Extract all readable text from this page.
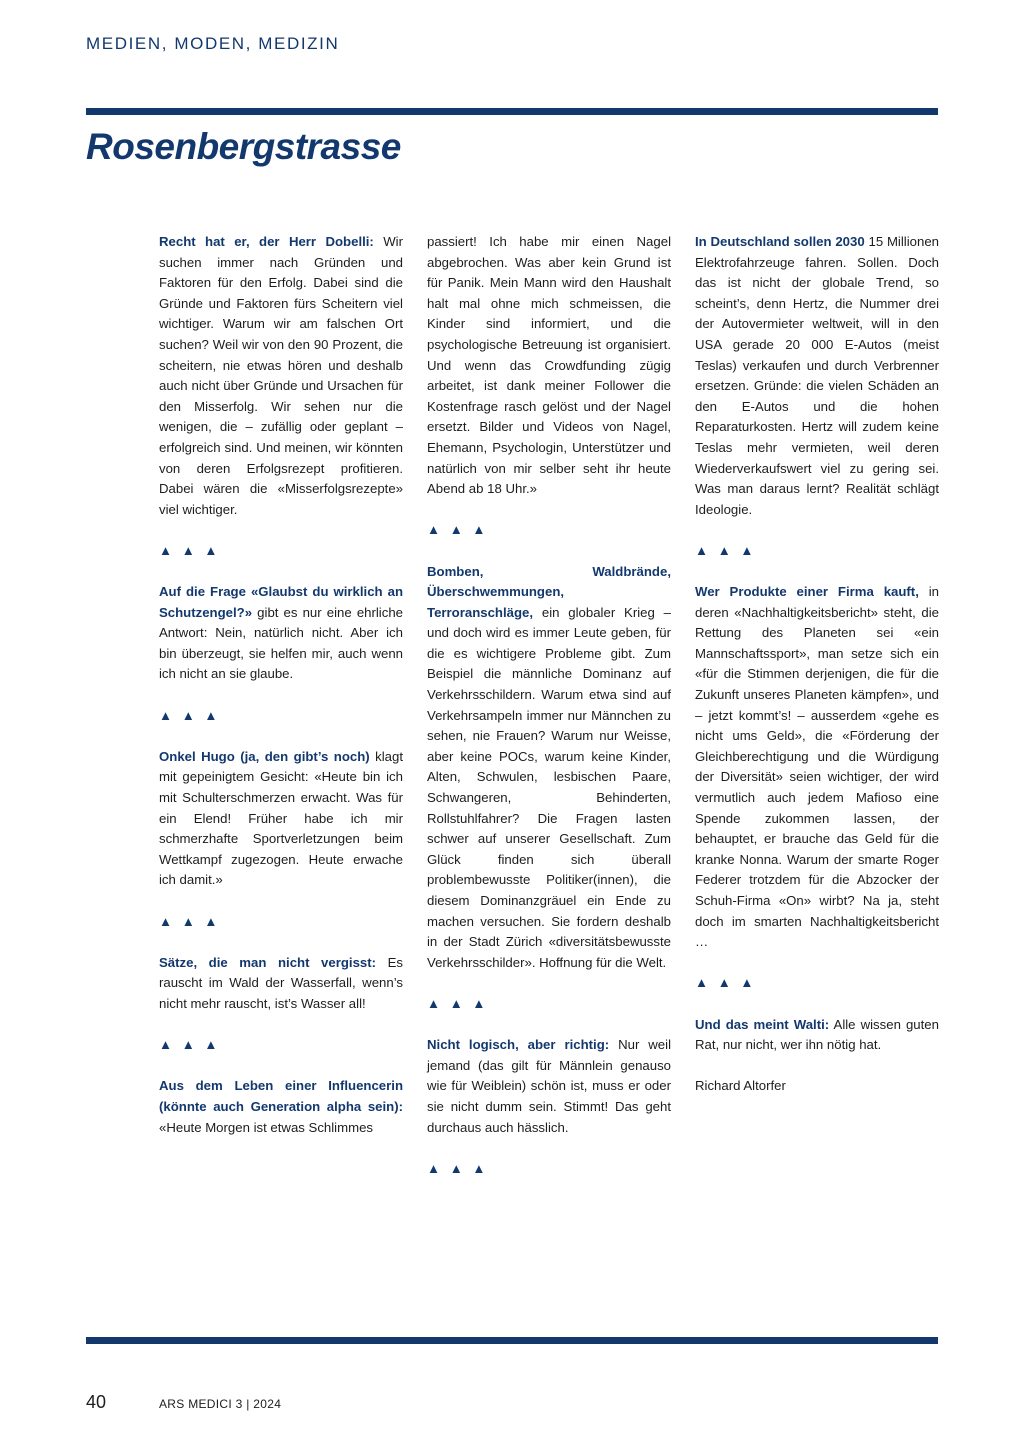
MEDIEN, MODEN, MEDIZIN
Rosenbergstrasse

Recht hat er, der Herr Dobelli: Wir suchen immer nach Gründen und Faktoren für den Erfolg. Dabei sind die Gründe und Faktoren fürs Scheitern viel wichtiger. Warum wir am falschen Ort suchen? Weil wir von den 90 Prozent, die scheitern, nie etwas hören und deshalb auch nicht über Gründe und Ursachen für den Misserfolg. Wir sehen nur die wenigen, die – zufällig oder geplant – erfolgreich sind. Und meinen, wir könnten von deren Erfolgsrezept profitieren. Dabei wären die «Misserfolgsrezepte» viel wichtiger.

▲ ▲ ▲

Auf die Frage «Glaubst du wirklich an Schutzengel?» gibt es nur eine ehrliche Antwort: Nein, natürlich nicht. Aber ich bin überzeugt, sie helfen mir, auch wenn ich nicht an sie glaube.

▲ ▲ ▲

Onkel Hugo (ja, den gibt’s noch) klagt mit gepeinigtem Gesicht: «Heute bin ich mit Schulterschmerzen erwacht. Was für ein Elend! Früher habe ich mir schmerzhafte Sportverletzungen beim Wettkampf zugezogen. Heute erwache ich damit.»

▲ ▲ ▲

Sätze, die man nicht vergisst: Es rauscht im Wald der Wasserfall, wenn’s nicht mehr rauscht, ist’s Wasser all!

▲ ▲ ▲

Aus dem Leben einer Influencerin (könnte auch Generation alpha sein): «Heute Morgen ist etwas Schlimmes

passiert! Ich habe mir einen Nagel abgebrochen. Was aber kein Grund ist für Panik. Mein Mann wird den Haushalt halt mal ohne mich schmeissen, die Kinder sind informiert, und die psychologische Betreuung ist organisiert. Und wenn das Crowdfunding zügig arbeitet, ist dank meiner Follower die Kostenfrage rasch gelöst und der Nagel ersetzt. Bilder und Videos von Nagel, Ehemann, Psychologin, Unterstützer und natürlich von mir selber seht ihr heute Abend ab 18 Uhr.»

▲ ▲ ▲

Bomben, Waldbrände, Überschwemmungen, Terroranschläge, ein globaler Krieg – und doch wird es immer Leute geben, für die es wichtigere Probleme gibt. Zum Beispiel die männliche Dominanz auf Verkehrsschildern. Warum etwa sind auf Verkehrsampeln immer nur Männchen zu sehen, nie Frauen? Warum nur Weisse, aber keine POCs, warum keine Kinder, Alten, Schwulen, lesbischen Paare, Schwangeren, Behinderten, Rollstuhlfahrer? Die Fragen lasten schwer auf unserer Gesellschaft. Zum Glück finden sich überall problembewusste Politiker(innen), die diesem Dominanzgräuel ein Ende zu machen versuchen. Sie fordern deshalb in der Stadt Zürich «diversitätsbewusste Verkehrsschilder». Hoffnung für die Welt.

▲ ▲ ▲

Nicht logisch, aber richtig: Nur weil jemand (das gilt für Männlein genauso wie für Weiblein) schön ist, muss er oder sie nicht dumm sein. Stimmt! Das geht durchaus auch hässlich.

▲ ▲ ▲

In Deutschland sollen 2030 15 Millionen Elektrofahrzeuge fahren. Sollen. Doch das ist nicht der globale Trend, so scheint’s, denn Hertz, die Nummer drei der Autovermieter weltweit, will in den USA gerade 20 000 E-Autos (meist Teslas) verkaufen und durch Verbrenner ersetzen. Gründe: die vielen Schäden an den E-Autos und die hohen Reparaturkosten. Hertz will zudem keine Teslas mehr vermieten, weil deren Wiederverkaufswert viel zu gering sei. Was man daraus lernt? Realität schlägt Ideologie.

▲ ▲ ▲

Wer Produkte einer Firma kauft, in deren «Nachhaltigkeitsbericht» steht, die Rettung des Planeten sei «ein Mannschaftssport», man setze sich ein «für die Stimmen derjenigen, die für die Zukunft unseres Planeten kämpfen», und – jetzt kommt’s! – ausserdem «gehe es nicht ums Geld», die «Förderung der Gleichberechtigung und die Würdigung der Diversität» seien wichtiger, der wird vermutlich auch jedem Mafioso eine Spende zukommen lassen, der behauptet, er brauche das Geld für die kranke Nonna. Warum der smarte Roger Federer trotzdem für die Abzocker der Schuh-Firma «On» wirbt? Na ja, steht doch im smarten Nachhaltigkeitsbericht …

▲ ▲ ▲

Und das meint Walti: Alle wissen guten Rat, nur nicht, wer ihn nötig hat.

Richard Altorfer

40	ARS MEDICI 3 | 2024
